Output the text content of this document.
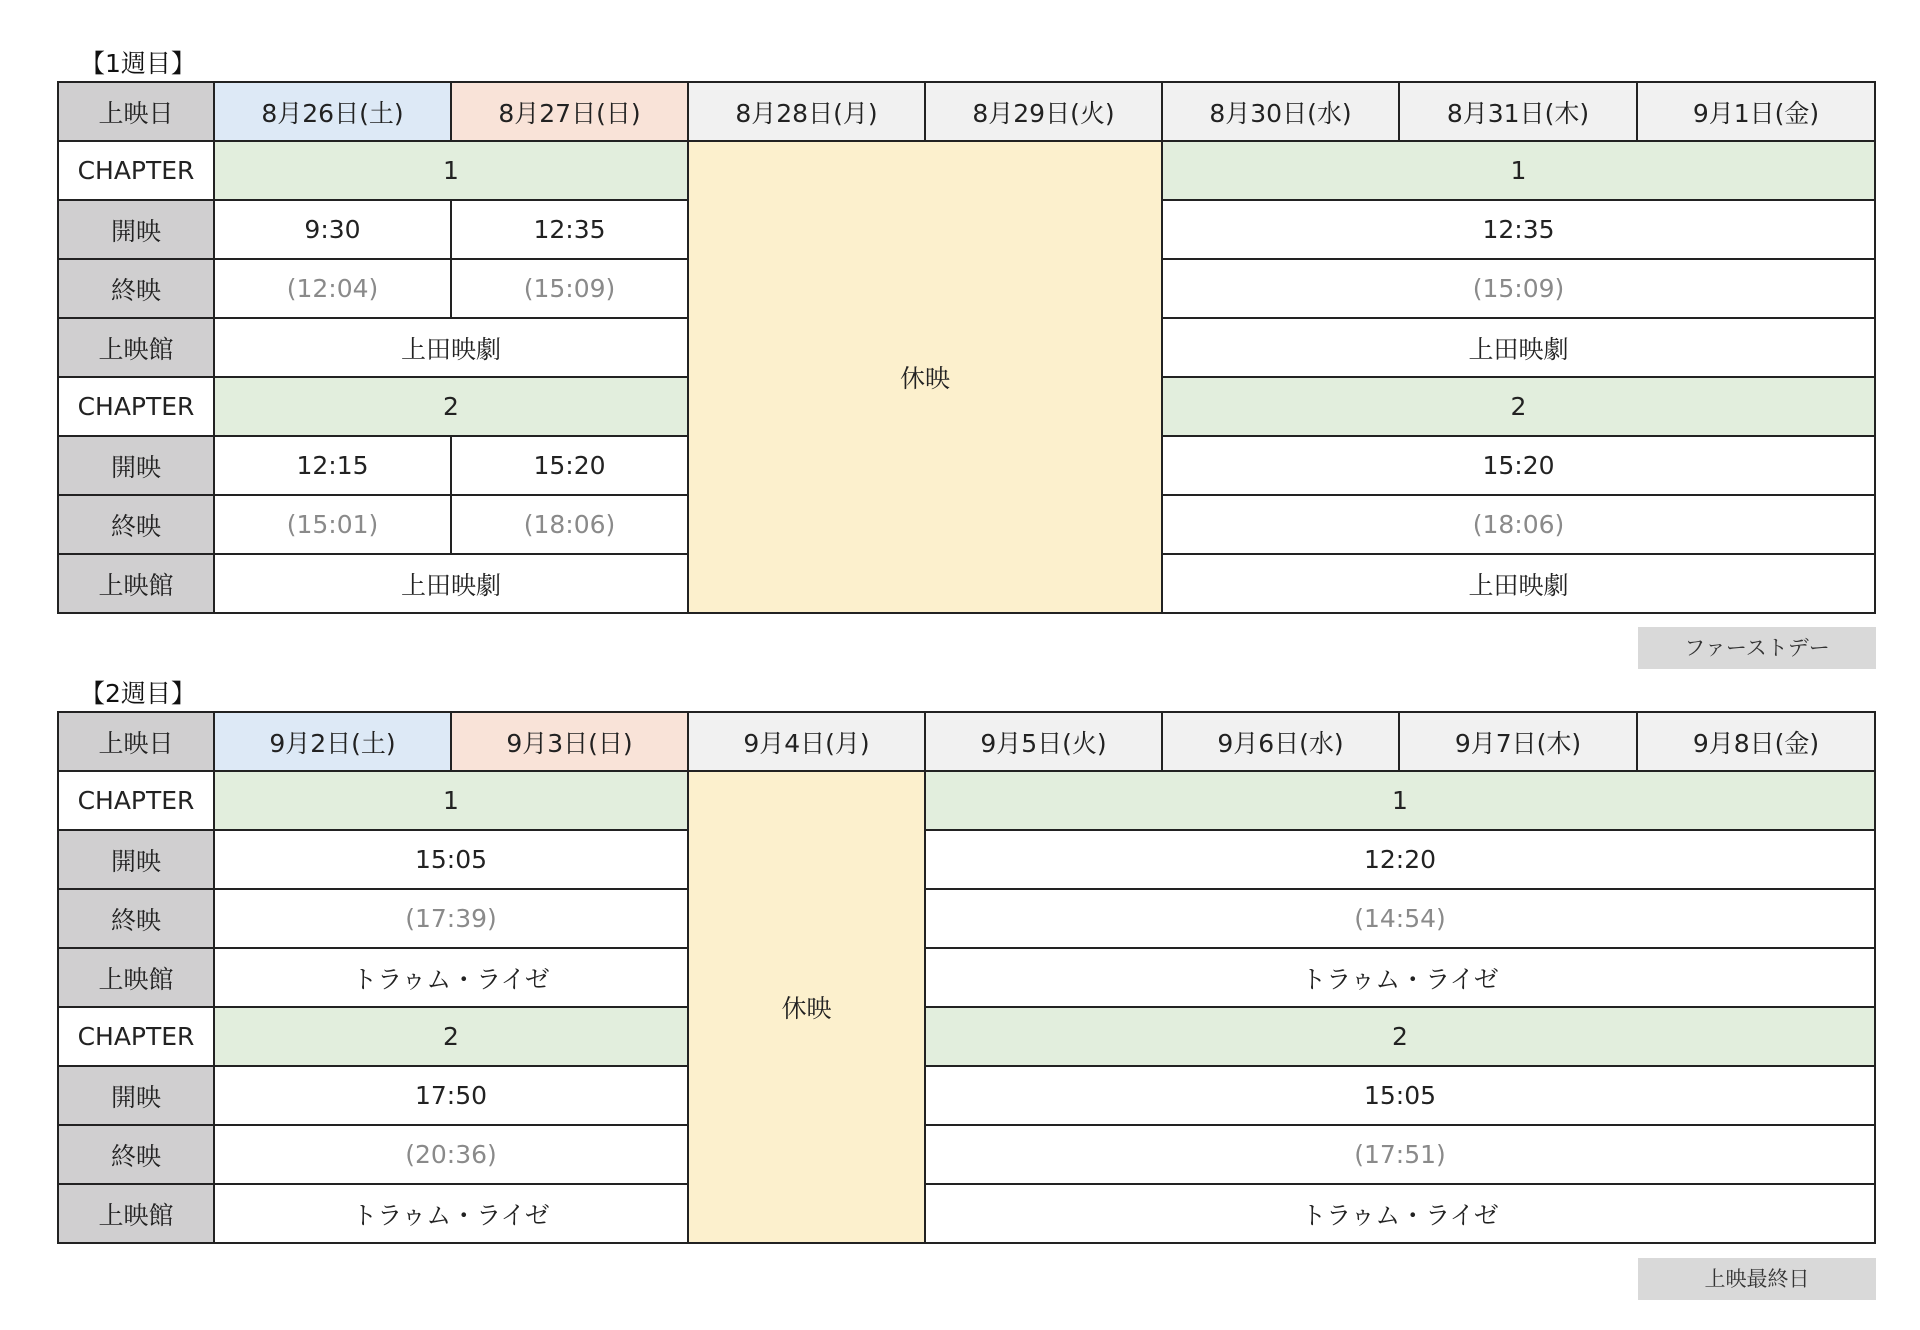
【1週目】
上映日	8月26日(土)	8月27日(日)	8月28日(月)	8月29日(火)	8月30日(水)	8月31日(木)	9月1日(金)
CHAPTER	1		休映		1		
開映	9:30	12:35			12:35		
終映	(12:04)	(15:09)			(15:09)		
上映館	上田映劇				上田映劇		
CHAPTER	2				2		
開映	12:15	15:20			15:20		
終映	(15:01)	(18:06)			(18:06)		
上映館	上田映劇				上田映劇		
ファーストデー
【2週目】
上映日	9月2日(土)	9月3日(日)	9月4日(月)	9月5日(火)	9月6日(水)	9月7日(木)	9月8日(金)
CHAPTER	1		休映	1			
開映	15:05			12:20			
終映	(17:39)			(14:54)			
上映館	トラゥム・ライゼ			トラゥム・ライゼ			
CHAPTER	2			2			
開映	17:50			15:05			
終映	(20:36)			(17:51)			
上映館	トラゥム・ライゼ			トラゥム・ライゼ			
上映最終日
